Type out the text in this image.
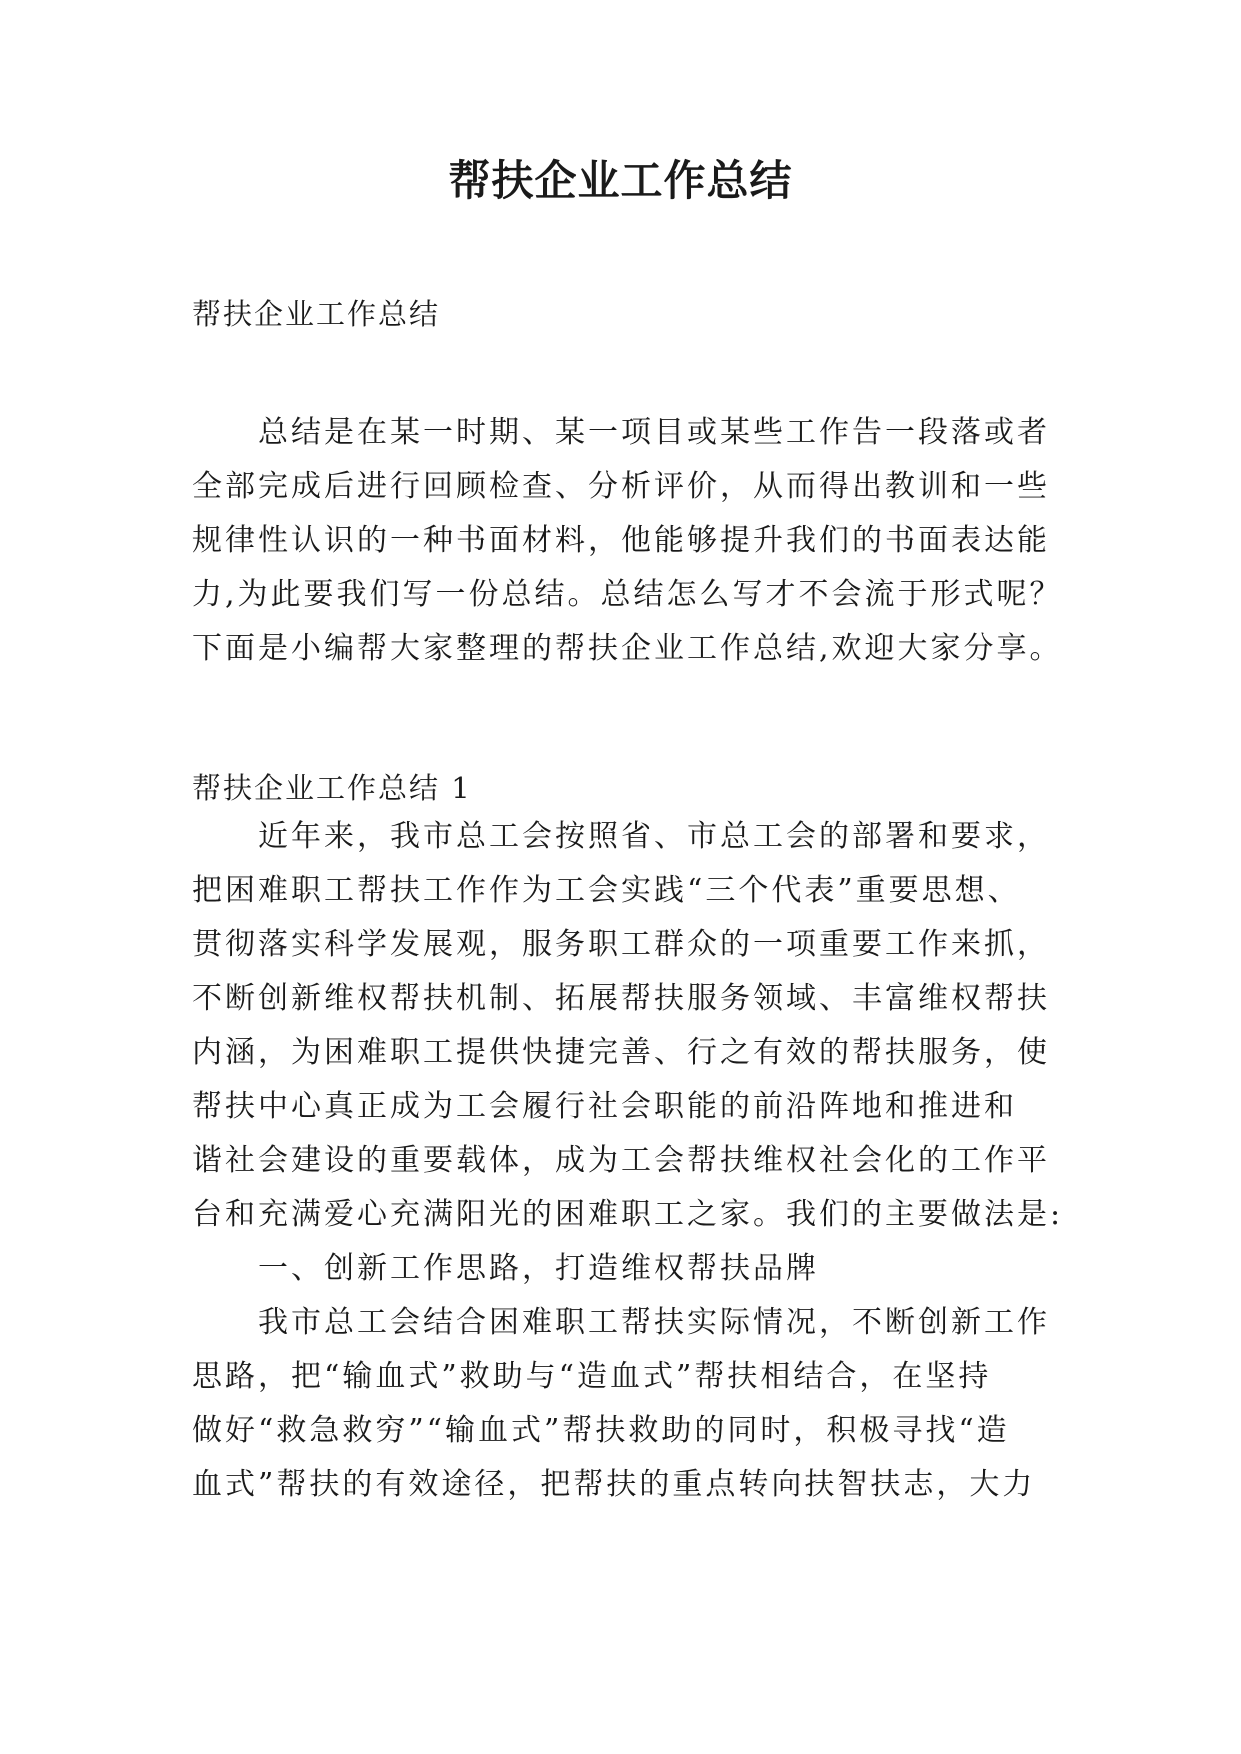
帮扶企业工作总结

帮扶企业工作总结

总结是在某一时期、某一项目或某些工作告一段落或者
全部完成后进行回顾检查、分析评价，从而得出教训和一些
规律性认识的一种书面材料，他能够提升我们的书面表达能
力,为此要我们写一份总结。总结怎么写才不会流于形式呢？
下面是小编帮大家整理的帮扶企业工作总结,欢迎大家分享。

帮扶企业工作总结 1

近年来，我市总工会按照省、市总工会的部署和要求，
把困难职工帮扶工作作为工会实践“三个代表”重要思想、
贯彻落实科学发展观，服务职工群众的一项重要工作来抓，
不断创新维权帮扶机制、拓展帮扶服务领域、丰富维权帮扶
内涵，为困难职工提供快捷完善、行之有效的帮扶服务，使
帮扶中心真正成为工会履行社会职能的前沿阵地和推进和
谐社会建设的重要载体，成为工会帮扶维权社会化的工作平
台和充满爱心充满阳光的困难职工之家。我们的主要做法是:
一、创新工作思路，打造维权帮扶品牌
我市总工会结合困难职工帮扶实际情况，不断创新工作
思路，把“输血式”救助与“造血式”帮扶相结合，在坚持
做好“救急救穷”“输血式”帮扶救助的同时，积极寻找“造
血式”帮扶的有效途径，把帮扶的重点转向扶智扶志，大力
